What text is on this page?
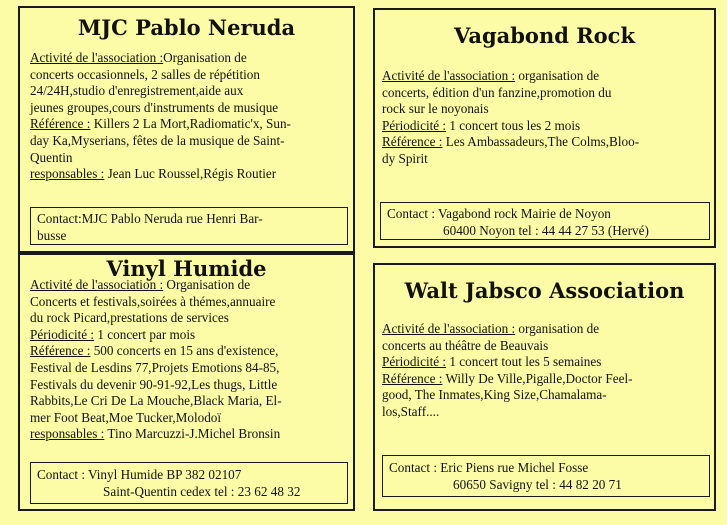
MJC Pablo Neruda
Activité de l'association :Organisation de
concerts occasionnels, 2 salles de répétition
24/24H,studio d'enregistrement,aide aux
jeunes groupes,cours d'instruments de musique
Référence : Killers 2 La Mort,Radiomatic'x, Sun-
day Ka,Myserians, fêtes de la musique de Saint-
Quentin
responsables : Jean Luc Roussel,Régis Routier
Contact:MJC Pablo Neruda rue Henri Bar-
busse
Vagabond Rock
Activité de l'association : organisation de
concerts, édition d'un fanzine,promotion du
rock sur le noyonais
Périodicité : 1 concert tous les 2 mois
Référence : Les Ambassadeurs,The Colms,Bloo-
dy Spirit
Contact : Vagabond rock Mairie de Noyon
60400 Noyon tel : 44 44 27 53 (Hervé)
Vinyl Humide
Activité de l'association : Organisation de
Concerts et festivals,soirées à thémes,annuaire
du rock Picard,prestations de services
Périodicité : 1 concert par mois
Référence : 500 concerts en 15 ans d'existence,
Festival de Lesdins 77,Projets Emotions 84-85,
Festivals du devenir 90-91-92,Les thugs, Little
Rabbits,Le Cri De La Mouche,Black Maria, El-
mer Foot Beat,Moe Tucker,Molodoï
responsables : Tino Marcuzzi-J.Michel Bronsin
Contact : Vinyl Humide BP 382 02107
Saint-Quentin cedex tel : 23 62 48 32
Walt Jabsco Association
Activité de l'association : organisation de
concerts au théâtre de Beauvais
Périodicité : 1 concert tout les 5 semaines
Référence : Willy De Ville,Pigalle,Doctor Feel-
good, The Inmates,King Size,Chamalama-
los,Staff....
Contact : Eric Piens rue Michel Fosse
60650 Savigny tel : 44 82 20 71
